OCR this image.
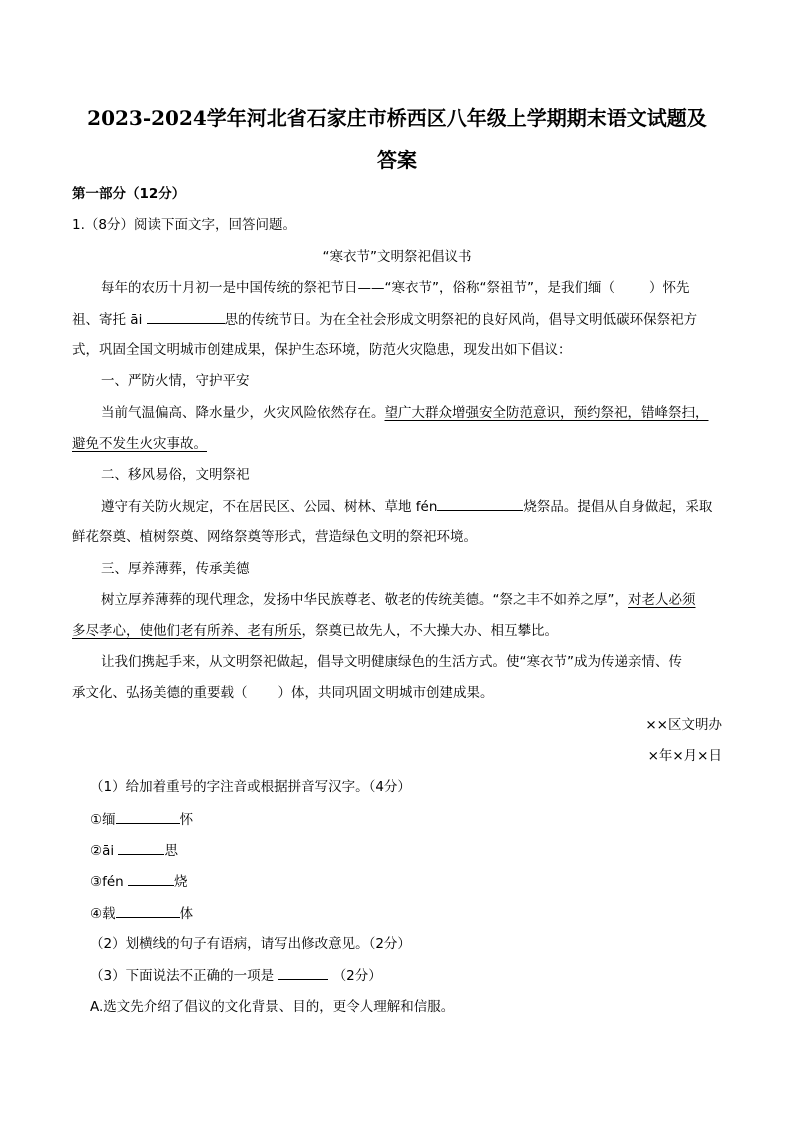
2023-2024学年河北省石家庄市桥西区八年级上学期期末语文试题及
答案
第一部分（12分）
1.（8分）阅读下面文字，回答问题。
“寒衣节”文明祭祀倡议书
每年的农历十月初一是中国传统的祭祀节日——“寒衣节”，俗称“祭祖节”，是我们缅（	）怀先
祖、寄托 āi	思的传统节日。为在全社会形成文明祭祀的良好风尚，倡导文明低碳环保祭祀方
式，巩固全国文明城市创建成果，保护生态环境，防范火灾隐患，现发出如下倡议：
一、严防火情，守护平安
当前气温偏高、降水量少，火灾风险依然存在。望广大群众增强安全防范意识，预约祭祀，错峰祭扫，
避免不发生火灾事故。
二、移风易俗，文明祭祀
遵守有关防火规定，不在居民区、公园、树林、草地 fén	烧祭品。提倡从自身做起，采取
鲜花祭奠、植树祭奠、网络祭奠等形式，营造绿色文明的祭祀环境。
三、厚养薄葬，传承美德
树立厚养薄葬的现代理念，发扬中华民族尊老、敬老的传统美德。“祭之丰不如养之厚”，对老人必须
多尽孝心，使他们老有所养、老有所乐，祭奠已故先人，不大操大办、相互攀比。
让我们携起手来，从文明祭祀做起，倡导文明健康绿色的生活方式。使“寒衣节”成为传递亲情、传
承文化、弘扬美德的重要载（ ）体，共同巩固文明城市创建成果。
××区文明办
×年×月×日
（1）给加着重号的字注音或根据拼音写汉字。（4分）
①缅	怀
②āi	思
③fén	烧
④载	体
（2）划横线的句子有语病，请写出修改意见。（2分）
（3）下面说法不正确的一项是	（2分）
A.选文先介绍了倡议的文化背景、目的，更令人理解和信服。
